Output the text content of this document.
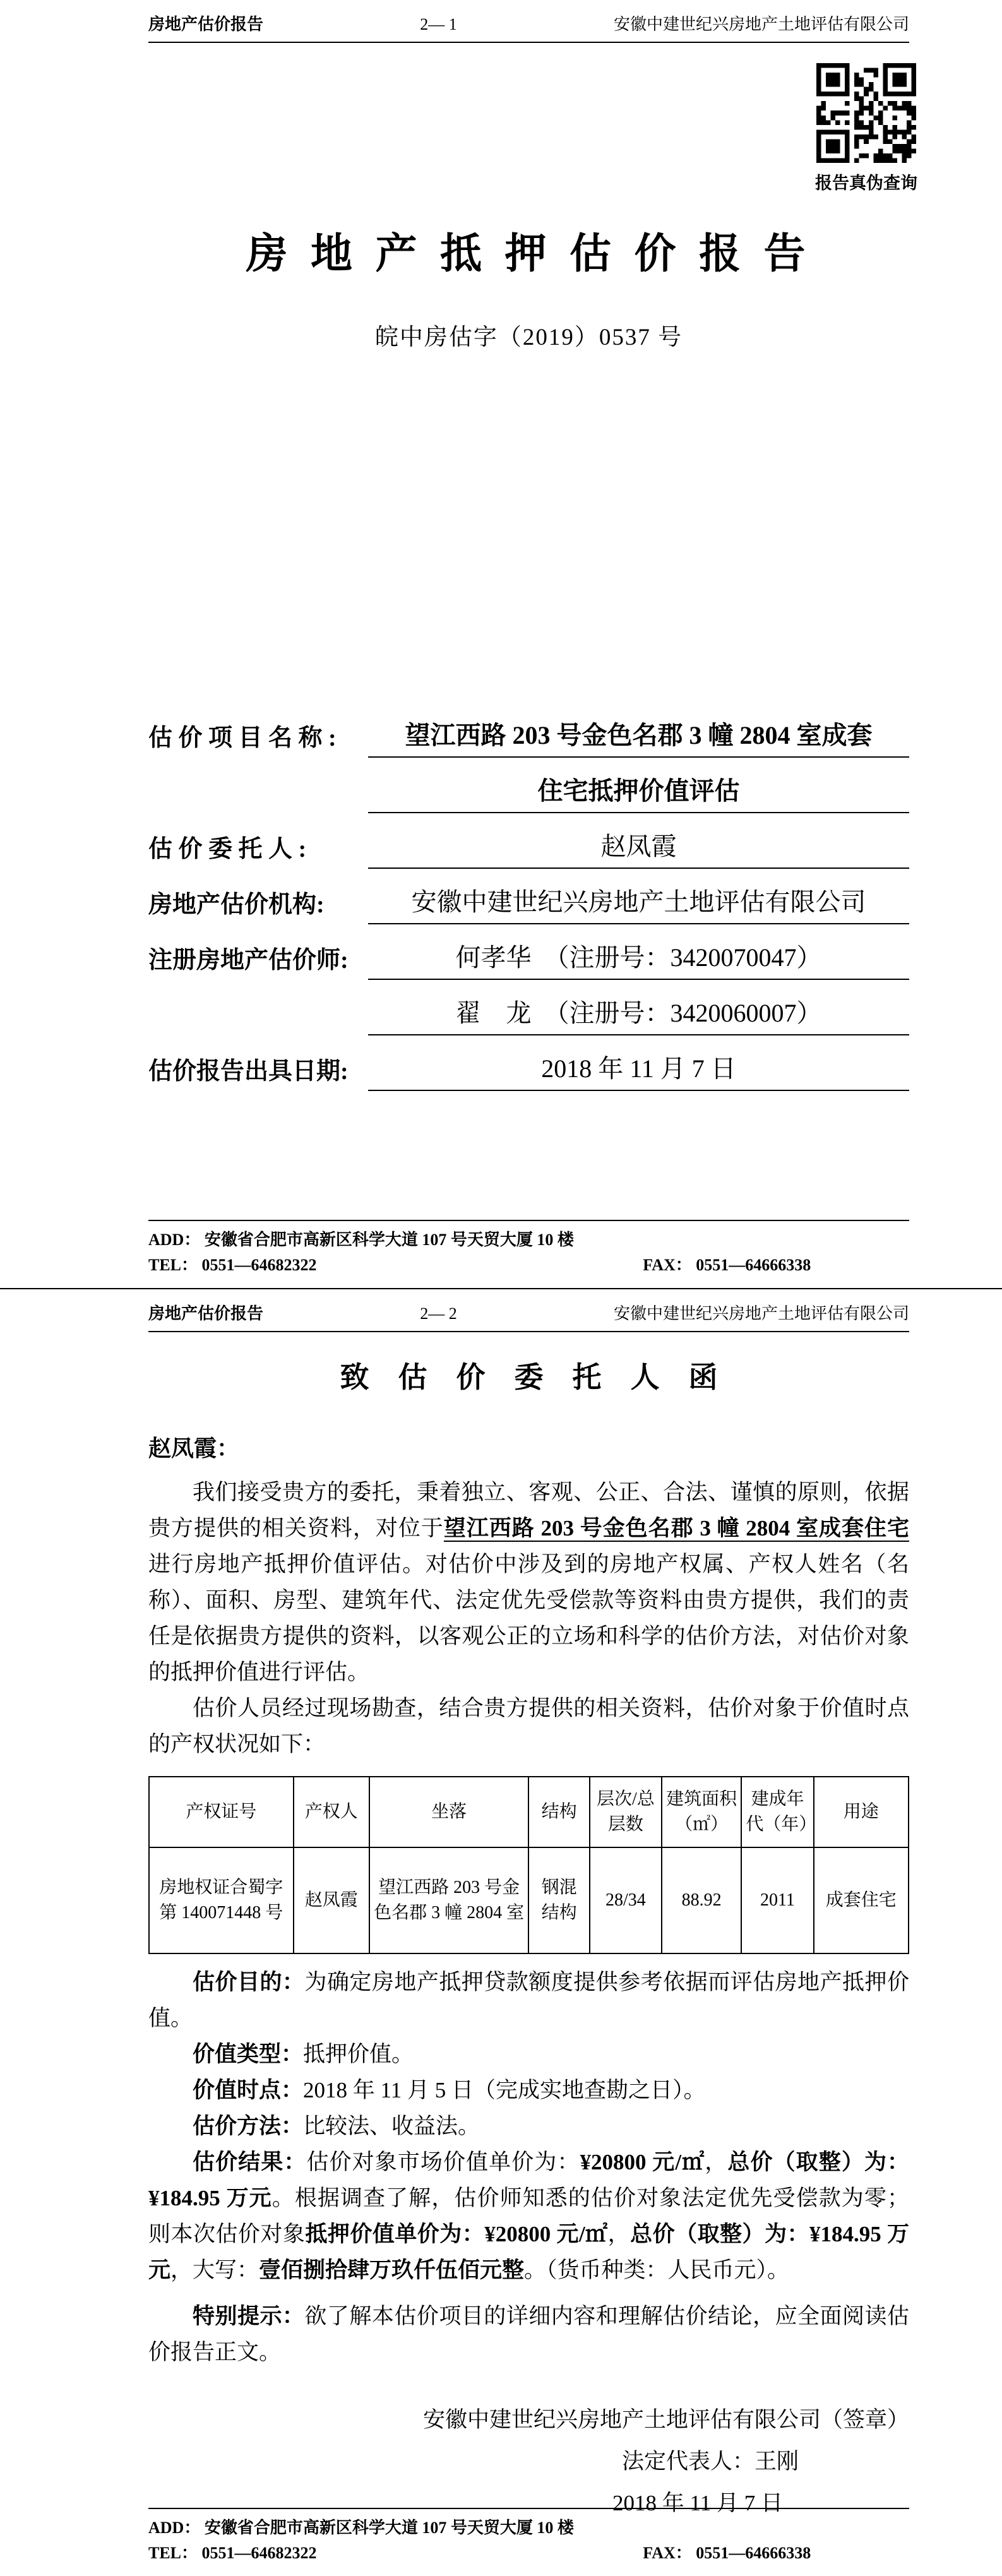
房地产估价报告	2— 1	安徽中建世纪兴房地产土地评估有限公司
报告真伪查询
房 地 产 抵 押 估 价 报 告
皖中房估字（2019）0537 号
估 价 项 目 名 称 :	望江西路 203 号金色名郡 3 幢 2804 室成套
住宅抵押价值评估
估 价 委 托 人 :	赵凤霞
房地产估价机构:	安徽中建世纪兴房地产土地评估有限公司
注册房地产估价师:	何孝华　（注册号：3420070047）
翟　龙　（注册号：3420060007）
估价报告出具日期:	2018 年 11 月 7 日
ADD： 安徽省合肥市高新区科学大道 107 号天贸大厦 10 楼
TEL： 0551—64682322	FAX： 0551—64666338
房地产估价报告	2— 2	安徽中建世纪兴房地产土地评估有限公司
致　估　价　委　托　人　函
赵凤霞：

我们接受贵方的委托，秉着独立、客观、公正、合法、谨慎的原则，依据贵方提供的相关资料，对位于望江西路 203 号金色名郡 3 幢 2804 室成套住宅进行房地产抵押价值评估。对估价中涉及到的房地产权属、产权人姓名（名称）、面积、房型、建筑年代、法定优先受偿款等资料由贵方提供，我们的责任是依据贵方提供的资料，以客观公正的立场和科学的估价方法，对估价对象的抵押价值进行评估。

估价人员经过现场勘查，结合贵方提供的相关资料，估价对象于价值时点的产权状况如下：

产权证号	产权人	坐落	结构	层次/总层数	建筑面积（㎡）	建成年代（年）	用途
房地权证合蜀字第 140071448 号	赵凤霞	望江西路 203 号金色名郡 3 幢 2804 室	钢混结构	28/34	88.92	2011	成套住宅

估价目的：为确定房地产抵押贷款额度提供参考依据而评估房地产抵押价值。

价值类型：抵押价值。

价值时点：2018 年 11 月 5 日（完成实地查勘之日）。

估价方法：比较法、收益法。

估价结果：估价对象市场价值单价为：¥20800 元/㎡，总价（取整）为：¥184.95 万元。根据调查了解，估价师知悉的估价对象法定优先受偿款为零；则本次估价对象抵押价值单价为：¥20800 元/㎡，总价（取整）为：¥184.95 万元，大写：壹佰捌拾肆万玖仟伍佰元整。（货币种类：人民币元）。

特别提示：欲了解本估价项目的详细内容和理解估价结论，应全面阅读估价报告正文。

安徽中建世纪兴房地产土地评估有限公司（签章）
法定代表人：王刚
2018 年 11 月 7 日
ADD： 安徽省合肥市高新区科学大道 107 号天贸大厦 10 楼
TEL： 0551—64682322	FAX： 0551—64666338
